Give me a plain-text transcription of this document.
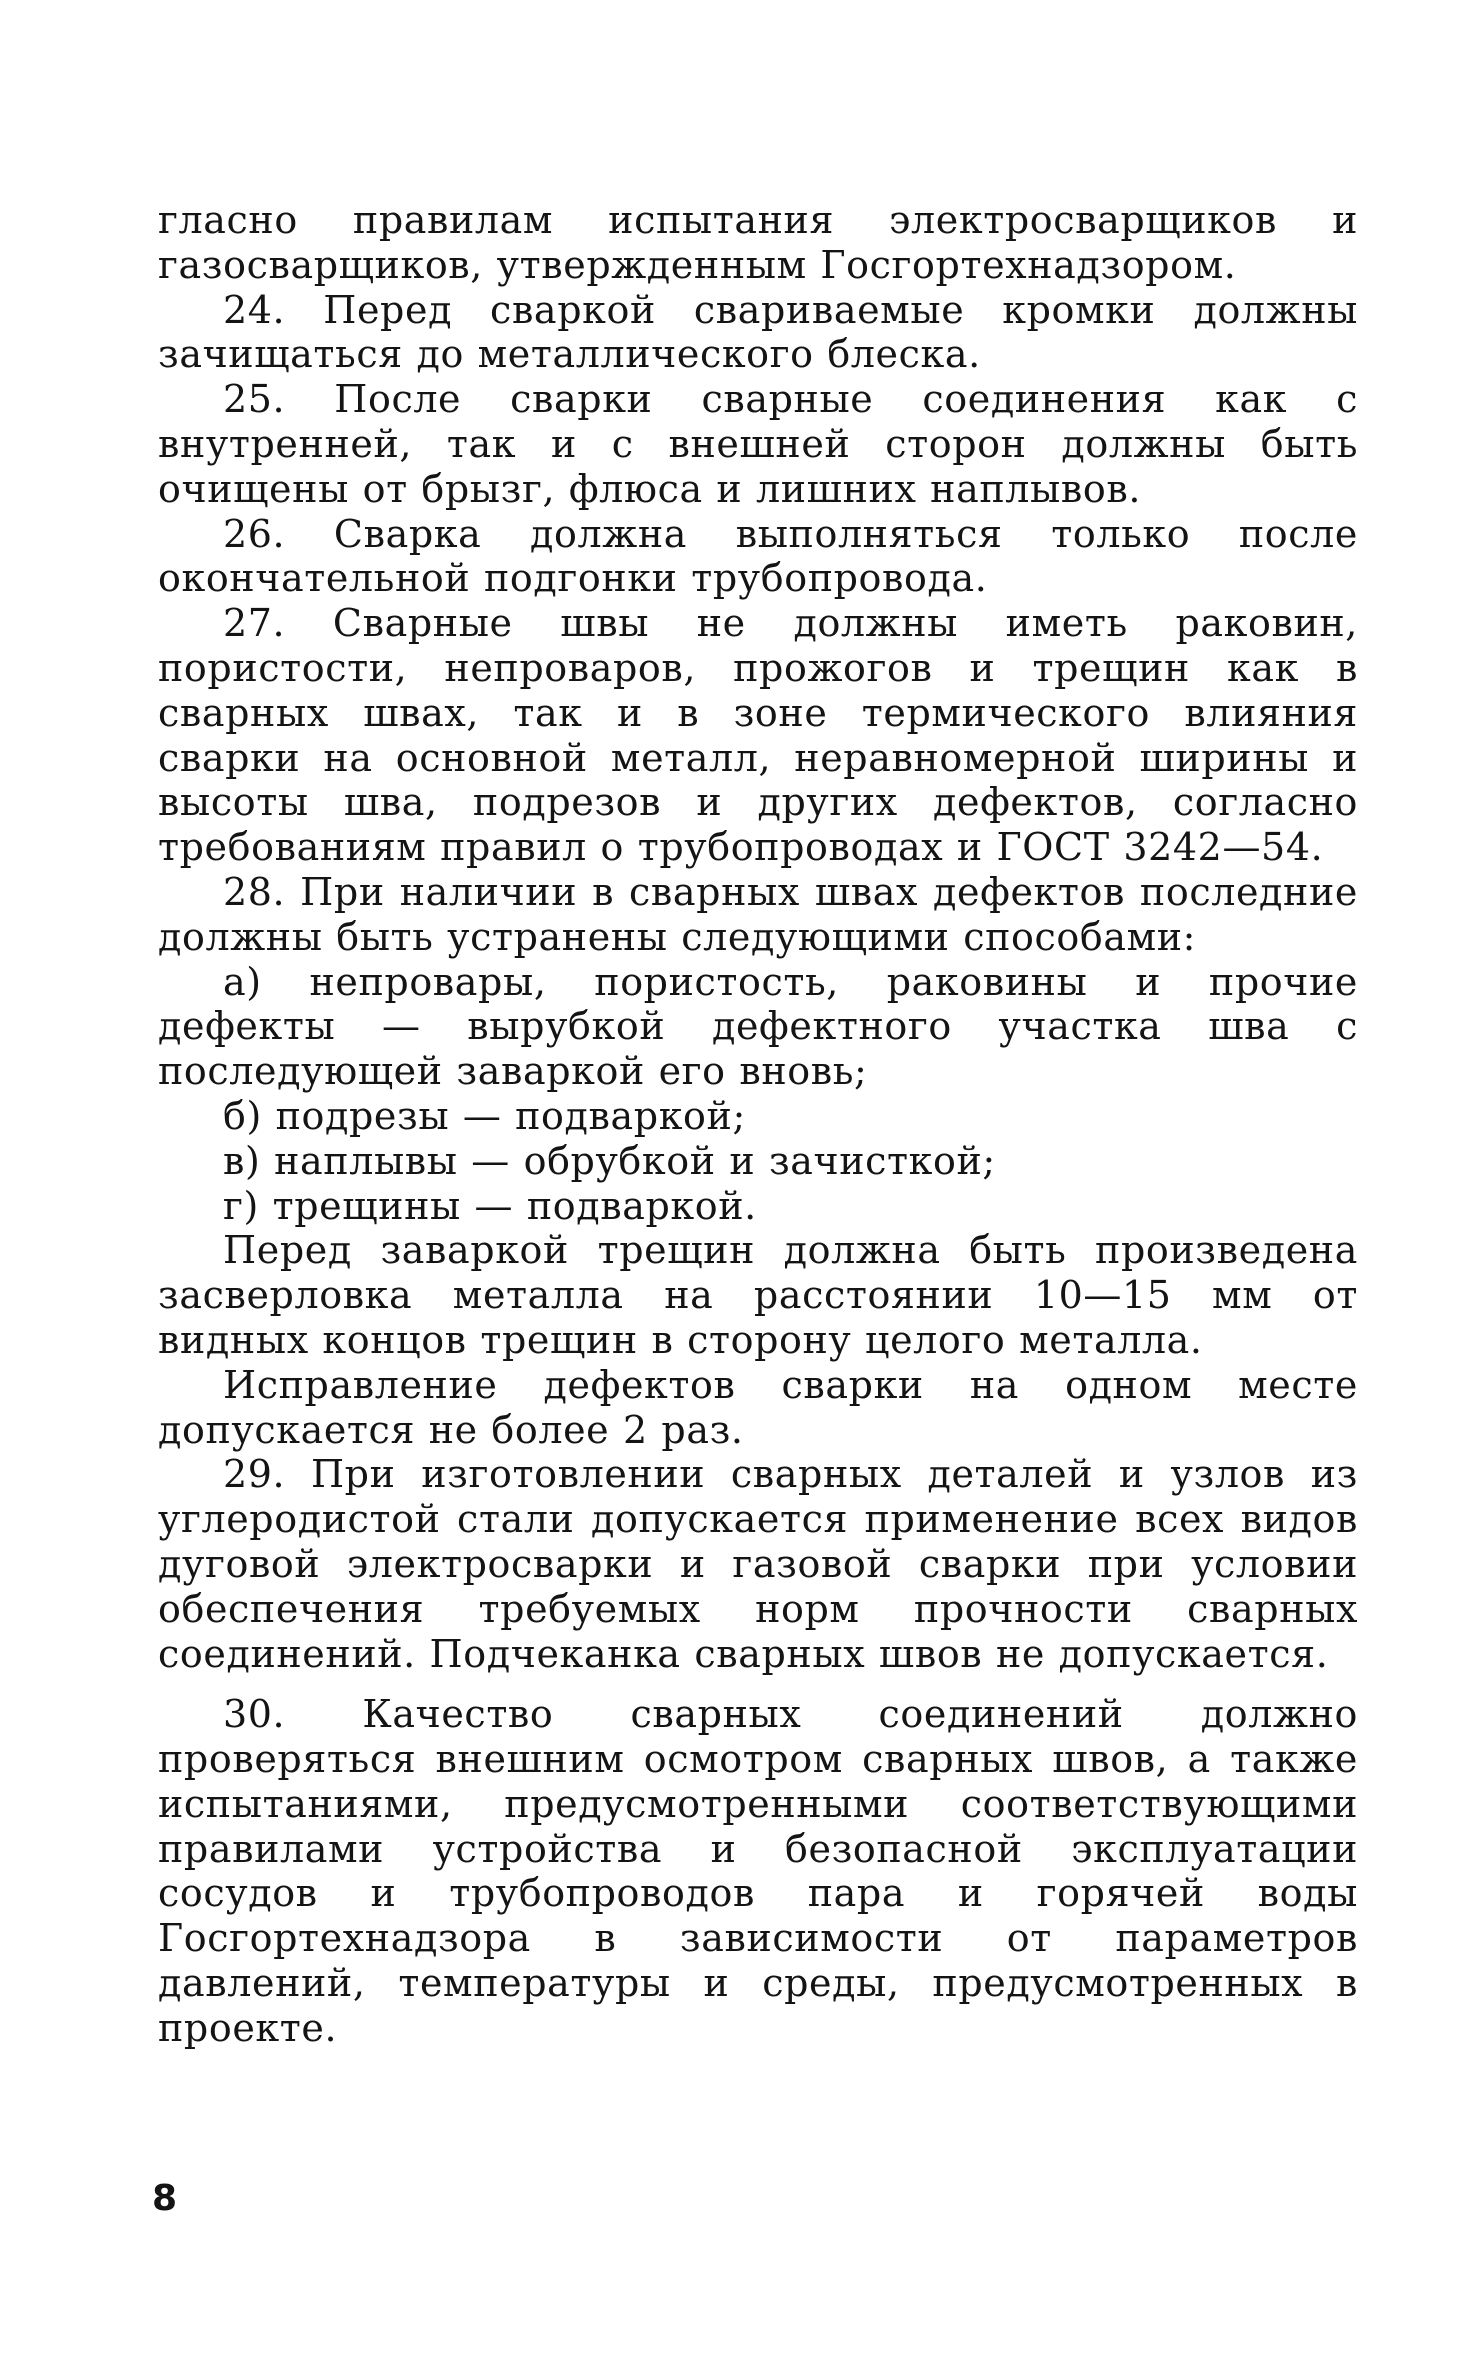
гласно правилам испытания электросварщиков и газосварщиков, утвержденным Госгортехнадзором.

24. Перед сваркой свариваемые кромки должны зачищаться до металлического блеска.

25. После сварки сварные соединения как с внутренней, так и с внешней сторон должны быть очищены от брызг, флюса и лишних наплывов.

26. Сварка должна выполняться только после окончательной подгонки трубопровода.

27. Сварные швы не должны иметь раковин, пористости, непроваров, прожогов и трещин как в сварных швах, так и в зоне термического влияния сварки на основной металл, неравномерной ширины и высоты шва, подрезов и других дефектов, согласно требованиям правил о трубопроводах и ГОСТ 3242—54.

28. При наличии в сварных швах дефектов последние должны быть устранены следующими способами:

а) непровары, пористость, раковины и прочие дефекты — вырубкой дефектного участка шва с последующей заваркой его вновь;

б) подрезы — подваркой;

в) наплывы — обрубкой и зачисткой;

г) трещины — подваркой.

Перед заваркой трещин должна быть произведена засверловка металла на расстоянии 10—15 мм от видных концов трещин в сторону целого металла.

Исправление дефектов сварки на одном месте допускается не более 2 раз.

29. При изготовлении сварных деталей и узлов из углеродистой стали допускается применение всех видов дуговой электросварки и газовой сварки при условии обеспечения требуемых норм прочности сварных соединений. Подчеканка сварных швов не допускается.

30. Качество сварных соединений должно проверяться внешним осмотром сварных швов, а также испытаниями, предусмотренными соответствующими правилами устройства и безопасной эксплуатации сосудов и трубопроводов пара и горячей воды Госгортехнадзора в зависимости от параметров давлений, температуры и среды, предусмотренных в проекте.

8
